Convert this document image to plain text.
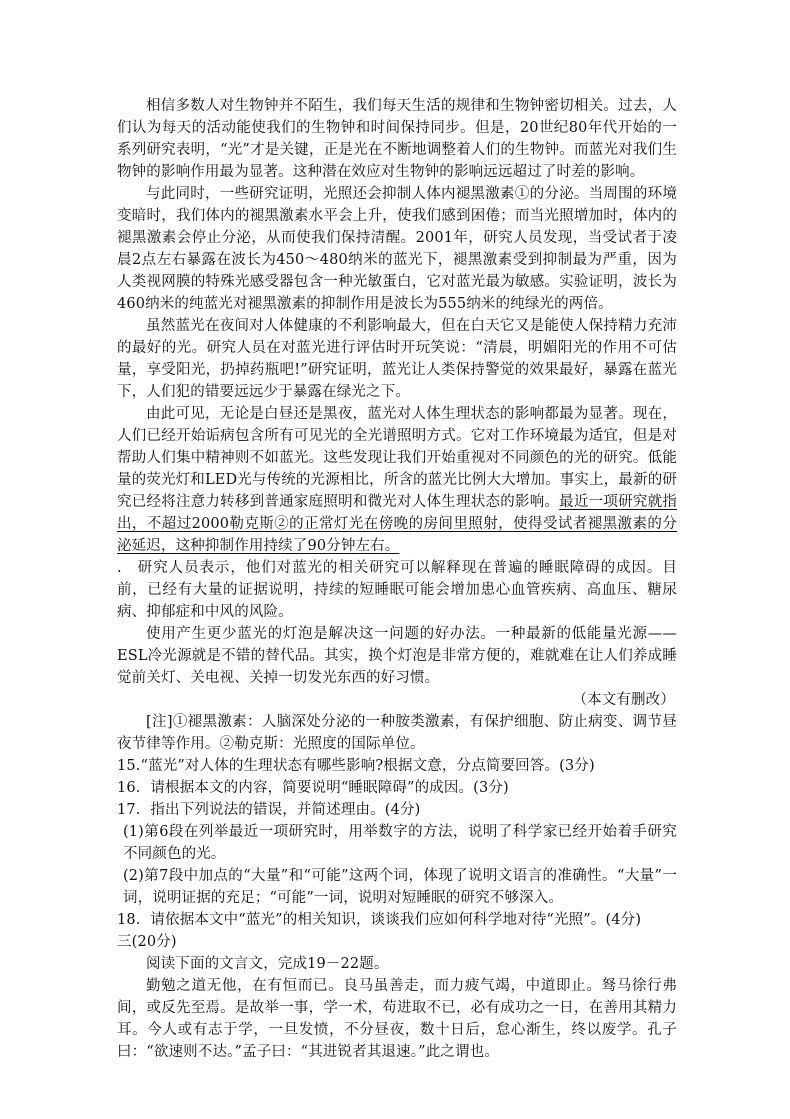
相信多数人对生物钟并不陌生，我们每天生活的规律和生物钟密切相关。过去，人们认为每天的活动能使我们的生物钟和时间保持同步。但是，20世纪80年代开始的一系列研究表明，“光”才是关键，正是光在不断地调整着人们的生物钟。而蓝光对我们生物钟的影响作用最为显著。这种潜在效应对生物钟的影响远远超过了时差的影响。

与此同时，一些研究证明，光照还会抑制人体内褪黑激素①的分泌。当周围的环境变暗时，我们体内的褪黑激素水平会上升，使我们感到困倦；而当光照增加时，体内的褪黑激素会停止分泌，从而使我们保持清醒。2001年，研究人员发现，当受试者于凌晨2点左右暴露在波长为450～480纳米的蓝光下，褪黑激素受到抑制最为严重，因为人类视网膜的特殊光感受器包含一种光敏蛋白，它对蓝光最为敏感。实验证明，波长为460纳米的纯蓝光对褪黑激素的抑制作用是波长为555纳米的纯绿光的两倍。

虽然蓝光在夜间对人体健康的不利影响最大，但在白天它又是能使人保持精力充沛的最好的光。研究人员在对蓝光进行评估时开玩笑说：“清晨，明媚阳光的作用不可估量，享受阳光，扔掉药瓶吧!”研究证明，蓝光让人类保持警觉的效果最好，暴露在蓝光下，人们犯的错要远远少于暴露在绿光之下。

由此可见，无论是白昼还是黑夜，蓝光对人体生理状态的影响都最为显著。现在，人们已经开始诟病包含所有可见光的全光谱照明方式。它对工作环境最为适宜，但是对帮助人们集中精神则不如蓝光。这些发现让我们开始重视对不同颜色的光的研究。低能量的荧光灯和LED光与传统的光源相比，所含的蓝光比例大大增加。事实上，最新的研究已经将注意力转移到普通家庭照明和微光对人体生理状态的影响。最近一项研究就指出，不超过2000勒克斯②的正常灯光在傍晚的房间里照射，使得受试者褪黑激素的分泌延迟，这种抑制作用持续了90分钟左右。

. 研究人员表示，他们对蓝光的相关研究可以解释现在普遍的睡眠障碍的成因。目前，已经有大量的证据说明，持续的短睡眠可能会增加患心血管疾病、高血压、糖尿病、抑郁症和中风的风险。

使用产生更少蓝光的灯泡是解决这一问题的好办法。一种最新的低能量光源——ESL冷光源就是不错的替代品。其实，换个灯泡是非常方便的，难就难在让人们养成睡觉前关灯、关电视、关掉一切发光东西的好习惯。

（本文有删改）

[注]①褪黑激素：人脑深处分泌的一种胺类激素，有保护细胞、防止病变、调节昼夜节律等作用。②勒克斯：光照度的国际单位。

15.“蓝光”对人体的生理状态有哪些影响?根据文意，分点简要回答。(3分)

16．请根据本文的内容，简要说明“睡眠障碍”的成因。(3分)

17．指出下列说法的错误，并简述理由。(4分)

(1)第6段在列举最近一项研究时，用举数字的方法，说明了科学家已经开始着手研究不同颜色的光。

(2)第7段中加点的“大量”和“可能”这两个词，体现了说明文语言的准确性。“大量”一词，说明证据的充足；“可能”一词，说明对短睡眠的研究不够深入。

18．请依据本文中“蓝光”的相关知识，谈谈我们应如何科学地对待“光照”。(4分)

三(20分)

阅读下面的文言文，完成19－22题。

勤勉之道无他，在有恒而已。良马虽善走，而力疲气竭，中道即止。驽马徐行弗间，或反先至焉。是故举一事，学一术，苟进取不已，必有成功之一日，在善用其精力耳。今人或有志于学，一旦发愤，不分昼夜，数十日后，怠心渐生，终以废学。孔子曰：“欲速则不达。”孟子曰：“其进锐者其退速。”此之谓也。
